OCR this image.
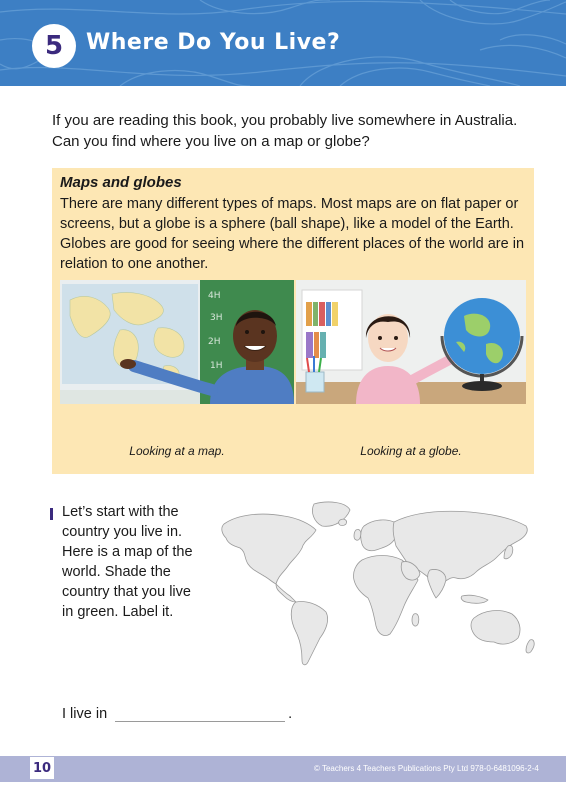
5 Where Do You Live?
If you are reading this book, you probably live somewhere in Australia.
Can you find where you live on a map or globe?
Maps and globes
There are many different types of maps. Most maps are on flat paper or
screens, but a globe is a sphere (ball shape), like a model of the Earth.
Globes are good for seeing where the different places of the world are in
relation to one another.
4H
3H
2H
1H
Looking at a map.	Looking at a globe.
Let’s start with the
country you live in.
Here is a map of the
world. Shade the
country that you live
in green. Label it.
I live in	.
10	© Teachers 4 Teachers Publications Pty Ltd 978-0-6481096-2-4
